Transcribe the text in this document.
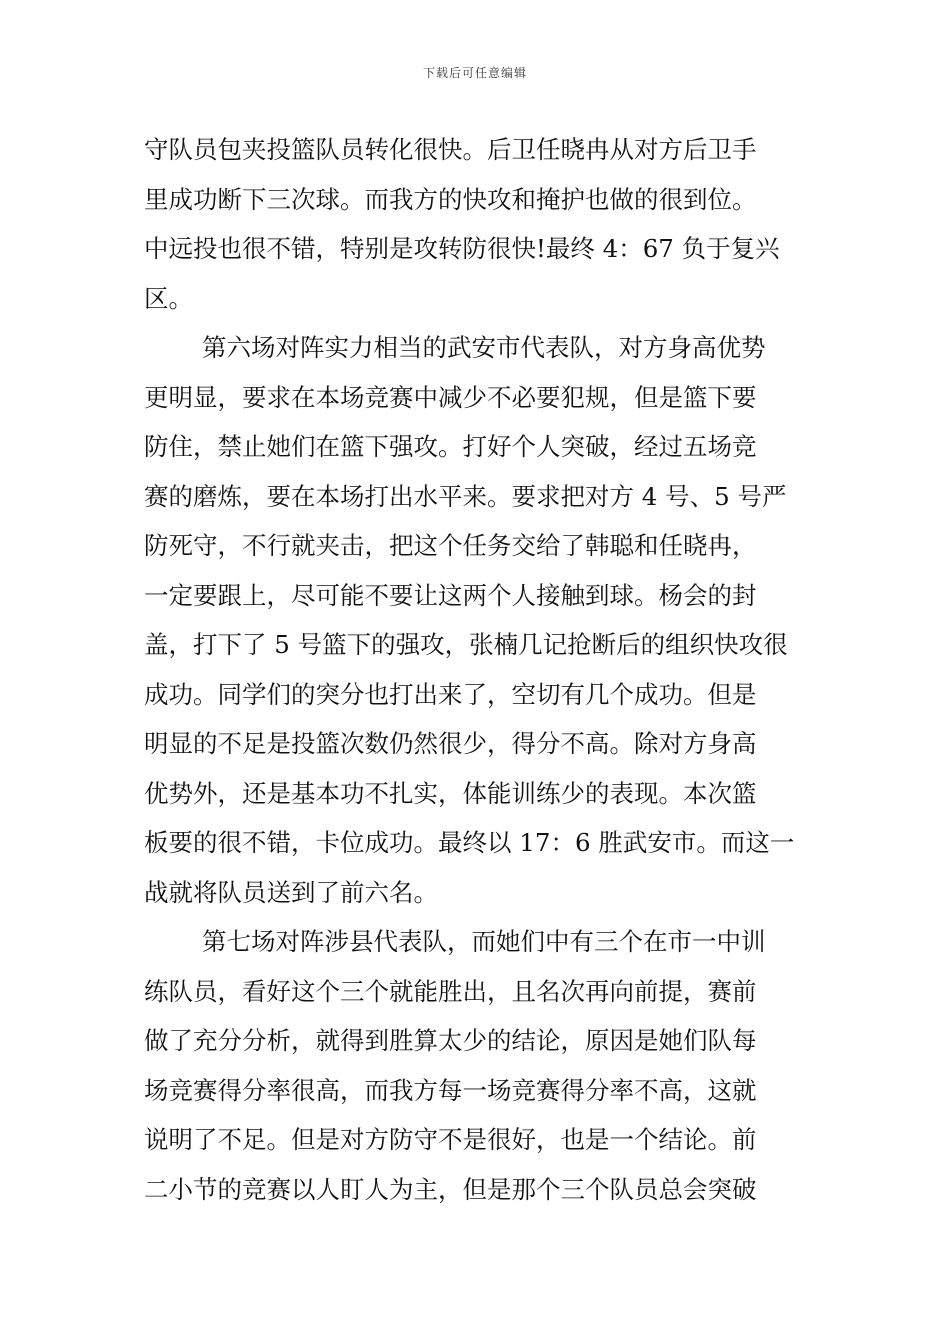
下载后可任意编辑
守队员包夹投篮队员转化很快。后卫任晓冉从对方后卫手
里成功断下三次球。而我方的快攻和掩护也做的很到位。
中远投也很不错，特别是攻转防很快!最终 4：67 负于复兴
区。
第六场对阵实力相当的武安市代表队，对方身高优势
更明显，要求在本场竞赛中减少不必要犯规，但是篮下要
防住，禁止她们在篮下强攻。打好个人突破，经过五场竞
赛的磨炼，要在本场打出水平来。要求把对方 4 号、5 号严
防死守，不行就夹击，把这个任务交给了韩聪和任晓冉，
一定要跟上，尽可能不要让这两个人接触到球。杨会的封
盖，打下了 5 号篮下的强攻，张楠几记抢断后的组织快攻很
成功。同学们的突分也打出来了，空切有几个成功。但是
明显的不足是投篮次数仍然很少，得分不高。除对方身高
优势外，还是基本功不扎实，体能训练少的表现。本次篮
板要的很不错，卡位成功。最终以 17：6 胜武安市。而这一
战就将队员送到了前六名。
第七场对阵涉县代表队，而她们中有三个在市一中训
练队员，看好这个三个就能胜出，且名次再向前提，赛前
做了充分分析，就得到胜算太少的结论，原因是她们队每
场竞赛得分率很高，而我方每一场竞赛得分率不高，这就
说明了不足。但是对方防守不是很好，也是一个结论。前
二小节的竞赛以人盯人为主，但是那个三个队员总会突破
